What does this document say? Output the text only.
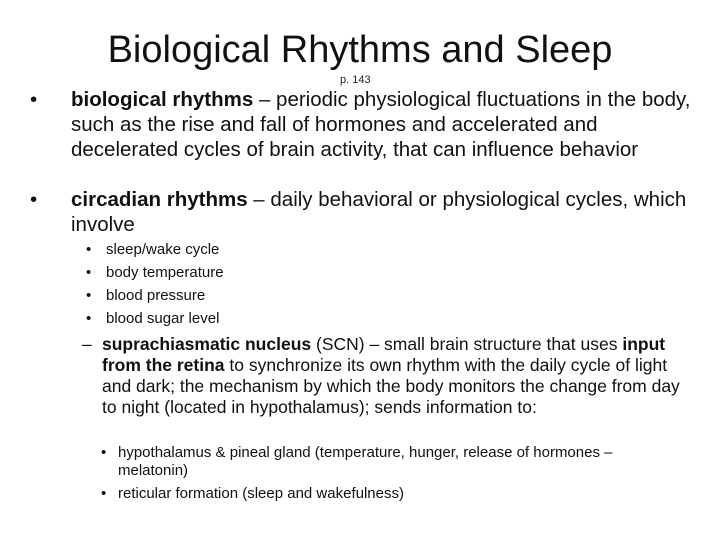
Biological Rhythms and Sleep
p. 143
• biological rhythms – periodic physiological fluctuations in the body, such as the rise and fall of hormones and accelerated and decelerated cycles of brain activity, that can influence behavior
• circadian rhythms – daily behavioral or physiological cycles, which involve
• sleep/wake cycle
• body temperature
• blood pressure
• blood sugar level
– suprachiasmatic nucleus (SCN) – small brain structure that uses input from the retina to synchronize its own rhythm with the daily cycle of light and dark; the mechanism by which the body monitors the change from day to night (located in hypothalamus); sends information to:
• hypothalamus & pineal gland (temperature, hunger, release of hormones – melatonin)
• reticular formation (sleep and wakefulness)
